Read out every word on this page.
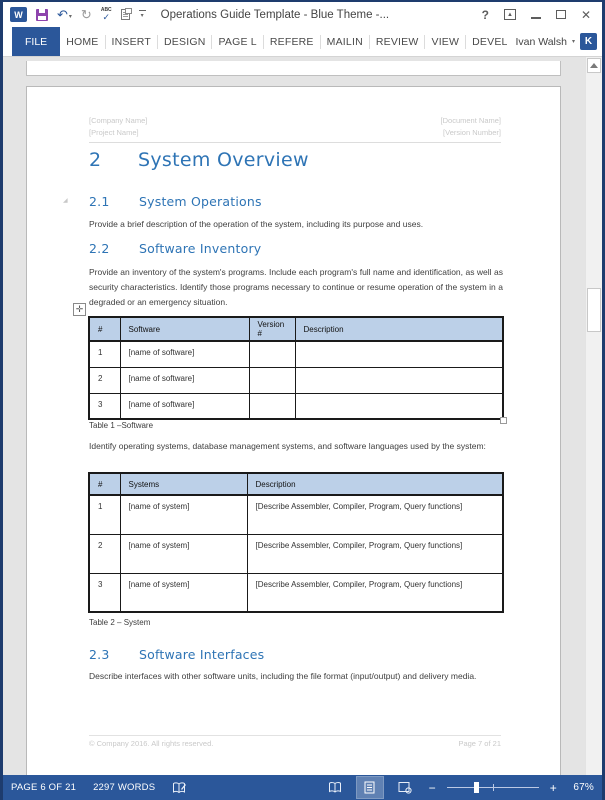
W	↶ ▾ ↻ ABC
✓	▾ Operations Guide Template - Blue Theme -...	?	▲	✕
FILE	HOME	INSERT	DESIGN	PAGE L	REFERE	MAILIN	REVIEW	VIEW	DEVEL Ivan Walsh ▾ K
[Company Name]
[Project Name]
[Document Name]
[Version Number]
2	System Overview
◢ 2.1	System Operations
Provide a brief description of the operation of the system, including its purpose and uses.
2.2	Software Inventory
Provide an inventory of the system's programs. Include each program's full name and identification, as well as security characteristics. Identify those programs necessary to continue or resume operation of the system in a degraded or an emergency situation.
✛
#	Software	Version #	Description
1	[name of software]		
2	[name of software]		
3	[name of software]		
Table 1 –Software
Identify operating systems, database management systems, and software languages used by the system:
#	Systems	Description
1	[name of system]	[Describe Assembler, Compiler, Program, Query functions]
2	[name of system]	[Describe Assembler, Compiler, Program, Query functions]
3	[name of system]	[Describe Assembler, Compiler, Program, Query functions]
Table 2 – System
2.3	Software Interfaces
Describe interfaces with other software units, including the file format (input/output) and delivery media.
© Company 2016. All rights reserved.	Page 7 of 21
PAGE 6 OF 21 2297 WORDS	−	+	67%
